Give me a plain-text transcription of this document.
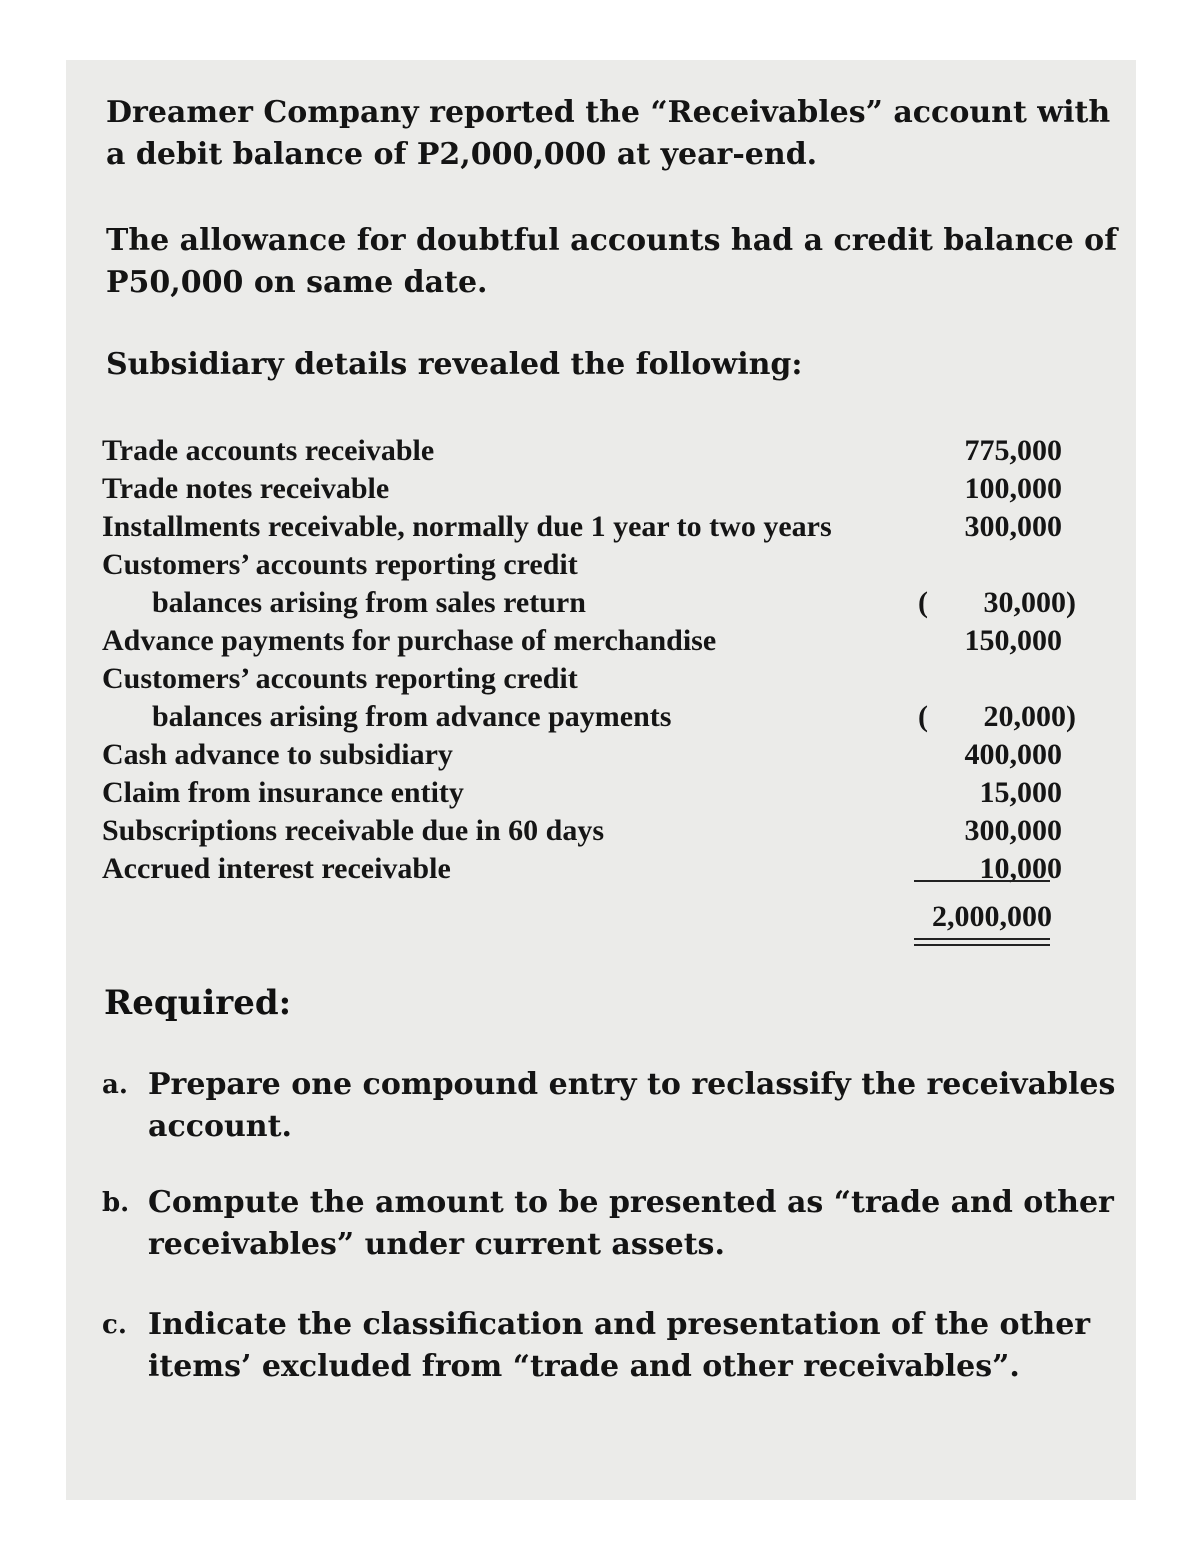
Dreamer Company reported the “Receivables” account with
a debit balance of P2,000,000 at year-end.

The allowance for doubtful accounts had a credit balance of
P50,000 on same date.

Subsidiary details revealed the following:

Trade accounts receivable	775,000
Trade notes receivable	100,000
Installments receivable, normally due 1 year to two years	300,000
Customers’ accounts reporting credit
balances arising from sales return	(	30,000)
Advance payments for purchase of merchandise	150,000
Customers’ accounts reporting credit
balances arising from advance payments	(	20,000)
Cash advance to subsidiary	400,000
Claim from insurance entity	15,000
Subscriptions receivable due in 60 days	300,000
Accrued interest receivable	10,000
2,000,000
Required:
a. Prepare one compound entry to reclassify the receivables
account.
b. Compute the amount to be presented as “trade and other
receivables” under current assets.
c. Indicate the classification and presentation of the other
items’ excluded from “trade and other receivables”.
